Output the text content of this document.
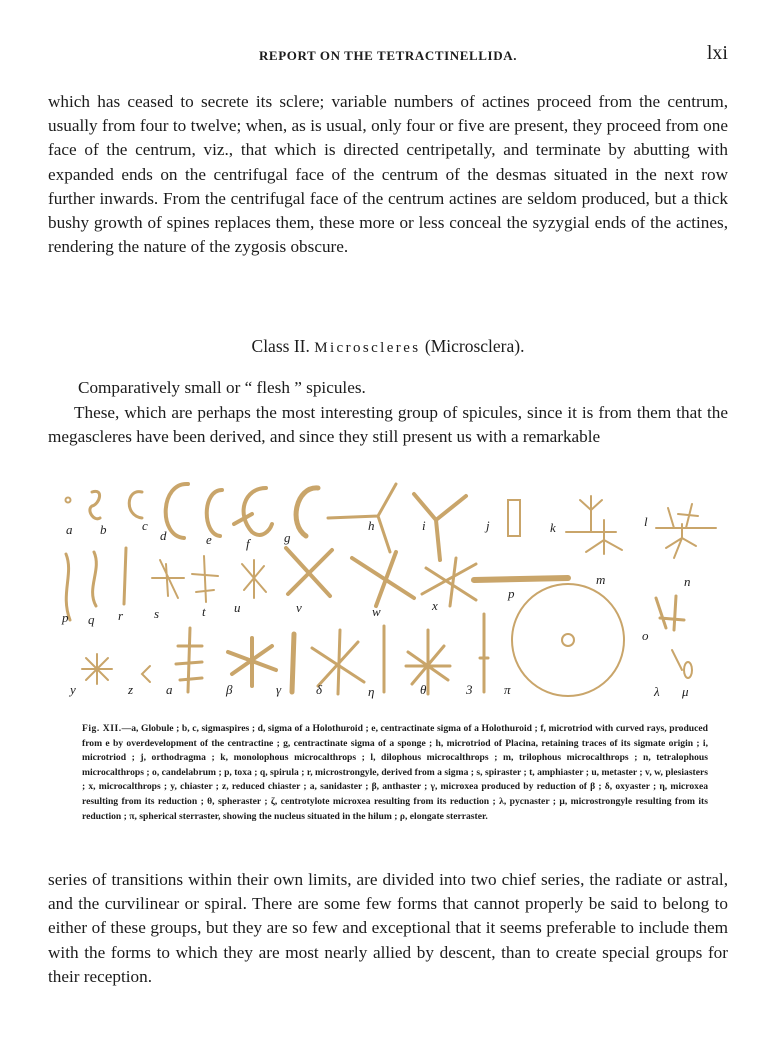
REPORT ON THE TETRACTINELLIDA.	lxi

which has ceased to secrete its sclere; variable numbers of actines proceed from the centrum, usually from four to twelve; when, as is usual, only four or five are present, they proceed from one face of the centrum, viz., that which is directed centripetally, and terminate by abutting with expanded ends on the centrifugal face of the centrum of the desmas situated in the next row further inwards. From the centrifugal face of the centrum actines are seldom produced, but a thick bushy growth of spines replaces them, these more or less conceal the syzygial ends of the actines, rendering the nature of the zygosis obscure.

Class II. Microscleres (Microsclera).

Comparatively small or “ flesh ” spicules.

These, which are perhaps the most interesting group of spicules, since it is from them that the megascleres have been derived, and since they still present us with a remarkable

a b	c
d	e	f	g
h	i	j	k	l
m	n
o
p q r s	t u	v	w	x
p
y	z	a	β	γ	δ	η	θ	3 π	λ μ

Fig. XII.—a, Globule ; b, c, sigmaspires ; d, sigma of a Holothuroid ; e, centractinate sigma of a Holothuroid ; f, microtriod with curved rays, produced from e by overdevelopment of the centractine ; g, centractinate sigma of a sponge ; h, microtriod of Placina, retaining traces of its sigmate origin ; i, microtriod ; j, orthodragma ; k, monolophous microcalthrops ; l, dilophous microcalthrops ; m, trilophous microcalthrops ; n, tetralophous microcalthrops ; o, candelabrum ; p, toxa ; q, spirula ; r, microstrongyle, derived from a sigma ; s, spiraster ; t, amphiaster ; u, metaster ; v, w, plesiasters ; x, microcalthrops ; y, chiaster ; z, reduced chiaster ; a, sanidaster ; β, anthaster ; γ, microxea produced by reduction of β ; δ, oxyaster ; η, microxea resulting from its reduction ; θ, spheraster ; ζ, centrotylote microxea resulting from its reduction ; λ, pycnaster ; μ, microstrongyle resulting from its reduction ; π, spherical sterraster, showing the nucleus situated in the hilum ; ρ, elongate sterraster.

series of transitions within their own limits, are divided into two chief series, the radiate or astral, and the curvilinear or spiral. There are some few forms that cannot properly be said to belong to either of these groups, but they are so few and exceptional that it seems preferable to include them with the forms to which they are most nearly allied by descent, than to create special groups for their reception.
